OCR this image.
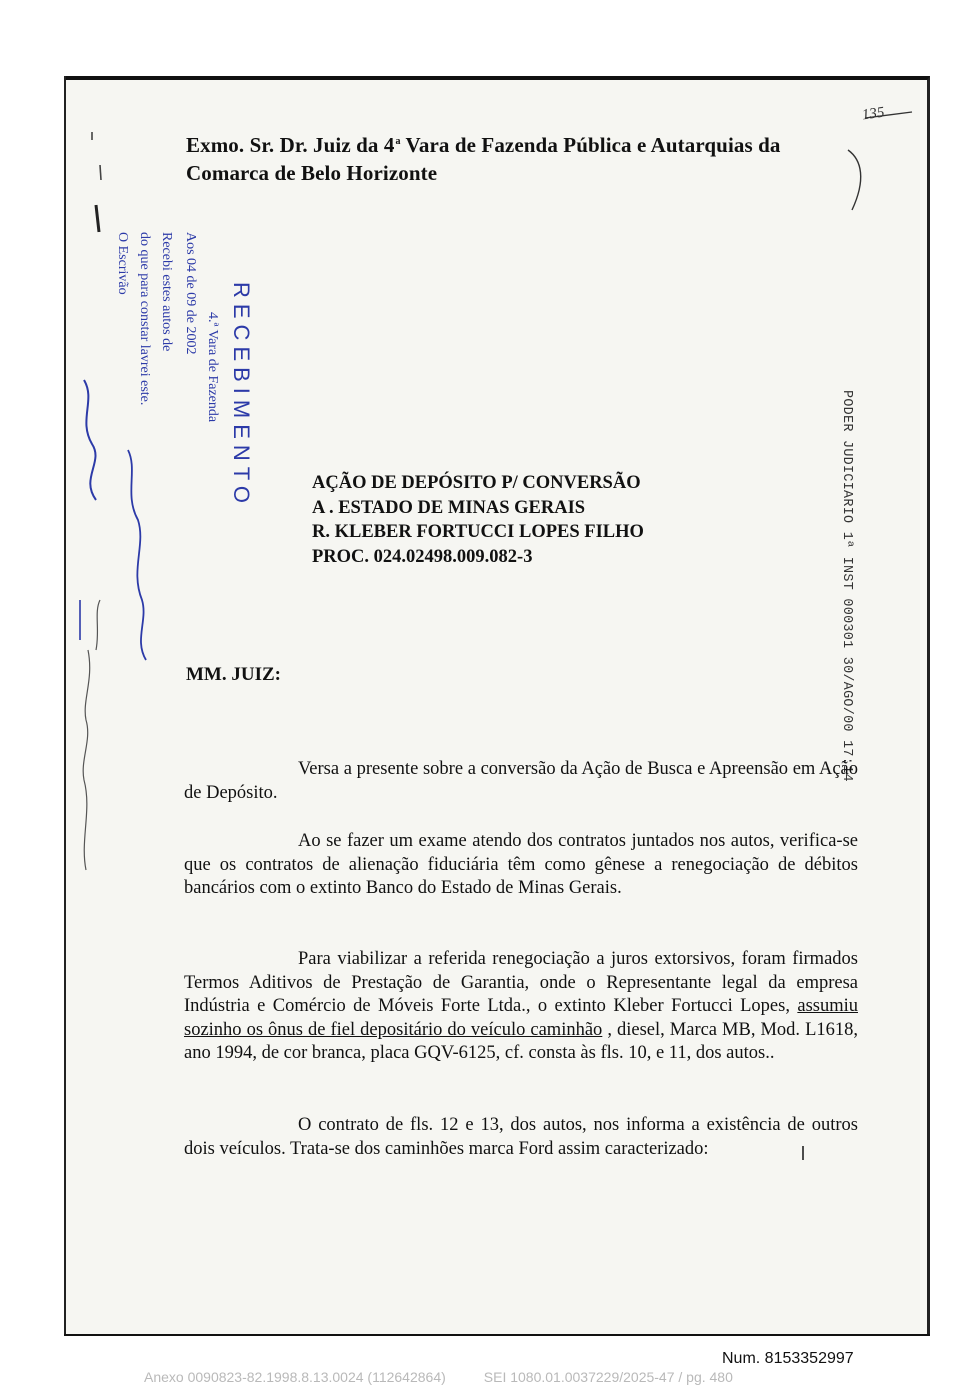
Exmo. Sr. Dr. Juiz da 4$^a$ Vara de Fazenda Pública e Autarquias da
Comarca de Belo Horizonte
135
RECEBIMENTO
4.ª Vara de Fazenda
Aos 04 de 09 de 2002
Recebi estes autos de
do que para constar lavrei este.
O Escrivão
PODER JUDICIARIO 1ª INST 000301 30/AGO/00 17:14
AÇÃO DE DEPÓSITO P/ CONVERSÃO
A . ESTADO DE MINAS GERAIS
R. KLEBER FORTUCCI LOPES FILHO
PROC. 024.02498.009.082-3
MM. JUIZ:
Versa a presente sobre a conversão da Ação de Busca e Apreensão em Ação de Depósito.
Ao se fazer um exame atendo dos contratos juntados nos autos, verifica-se que os contratos de alienação fiduciária têm como gênese a renegociação de débitos bancários com o extinto Banco do Estado de Minas Gerais.
Para viabilizar a referida renegociação a juros extorsivos, foram firmados Termos Aditivos de Prestação de Garantia, onde o Representante legal da empresa Indústria e Comércio de Móveis Forte Ltda., o extinto Kleber Fortucci Lopes, assumiu sozinho os ônus de fiel depositário do veículo caminhão , diesel, Marca MB, Mod. L1618, ano 1994, de cor branca, placa GQV-6125, cf. consta às fls. 10, e 11, dos autos..
O contrato de fls. 12 e 13, dos autos, nos informa a existência de outros dois veículos. Trata-se dos caminhões marca Ford assim caracterizado:
Num. 8153352997
Anexo 0090823-82.1998.8.13.0024 (112642864)	SEI 1080.01.0037229/2025-47 / pg. 480
